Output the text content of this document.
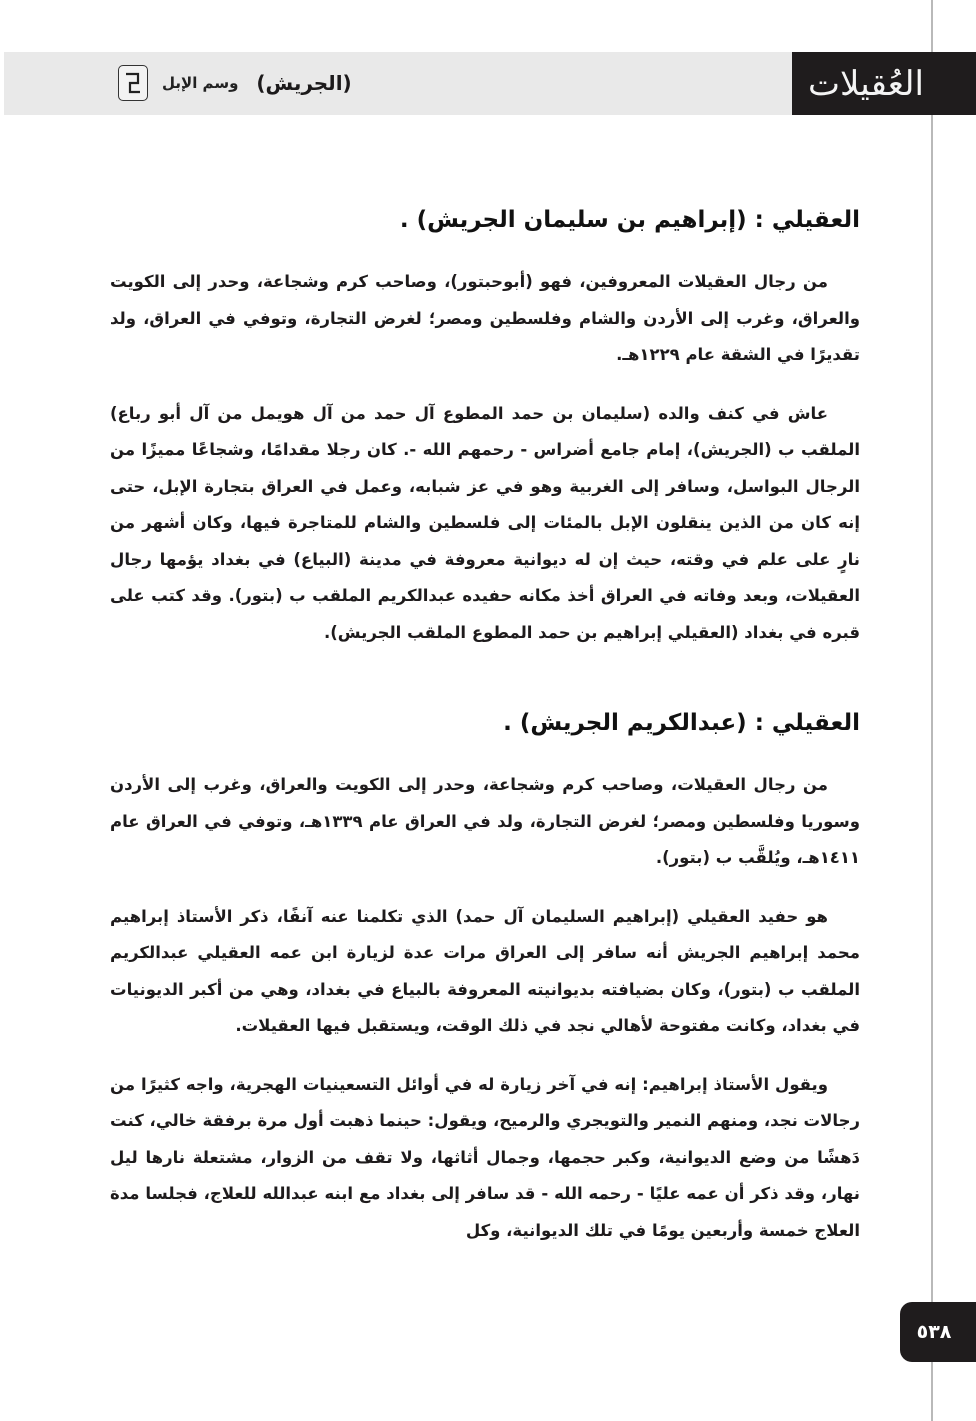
وسم الإبل (الجريش)	العُقيلات
العقيلي : (إبراهيم بن سليمان الجريش) .

من رجال العقيلات المعروفين، فهو (أبوحبتور)، وصاحب كرم وشجاعة، وحدر إلى الكويت والعراق، وغرب إلى الأردن والشام وفلسطين ومصر؛ لغرض التجارة، وتوفي في العراق، ولد تقديرًا في الشقة عام ١٢٢٩هـ.

عاش في كنف والده (سليمان بن حمد المطوع آل حمد من آل هويمل من آل أبو رباع) الملقب ب (الجريش)، إمام جامع أضراس - رحمهم الله -. كان رجلا مقدامًا، وشجاعًا مميزًا من الرجال البواسل، وسافر إلى الغربية وهو في عز شبابه، وعمل في العراق بتجارة الإبل، حتى إنه كان من الذين ينقلون الإبل بالمئات إلى فلسطين والشام للمتاجرة فيها، وكان أشهر من نارٍ على علم في وقته، حيث إن له ديوانية معروفة في مدينة (البياع) في بغداد يؤمها رجال العقيلات، وبعد وفاته في العراق أخذ مكانه حفيده عبدالكريم الملقب ب (بتور). وقد كتب على قبره في بغداد (العقيلي إبراهيم بن حمد المطوع الملقب الجريش).

العقيلي : (عبدالكريم الجريش) .

من رجال العقيلات، وصاحب كرم وشجاعة، وحدر إلى الكويت والعراق، وغرب إلى الأردن وسوريا وفلسطين ومصر؛ لغرض التجارة، ولد في العراق عام ١٣٣٩هـ، وتوفي في العراق عام ١٤١١هـ، ويُلقَّب ب (بتور).

هو حفيد العقيلي (إبراهيم السليمان آل حمد) الذي تكلمنا عنه آنفًا، ذكر الأستاذ إبراهيم محمد إبراهيم الجريش أنه سافر إلى العراق مرات عدة لزيارة ابن عمه العقيلي عبدالكريم الملقب ب (بتور)، وكان بضيافته بديوانيته المعروفة بالبياع في بغداد، وهي من أكبر الديونيات في بغداد، وكانت مفتوحة لأهالي نجد في ذلك الوقت، ويستقبل فيها العقيلات.

ويقول الأستاذ إبراهيم: إنه في آخر زيارة له في أوائل التسعينيات الهجرية، واجه كثيرًا من رجالات نجد، ومنهم النمير والتويجري والرميح، ويقول: حينما ذهبت أول مرة برفقة خالي، كنت دَهشًا من وضع الديوانية، وكبر حجمها، وجمال أثاثها، ولا تقف من الزوار، مشتعلة نارها ليل نهار، وقد ذكر أن عمه عليًا - رحمه الله - قد سافر إلى بغداد مع ابنه عبدالله للعلاج، فجلسا مدة العلاج خمسة وأربعين يومًا في تلك الديوانية، وكل

٥٣٨
